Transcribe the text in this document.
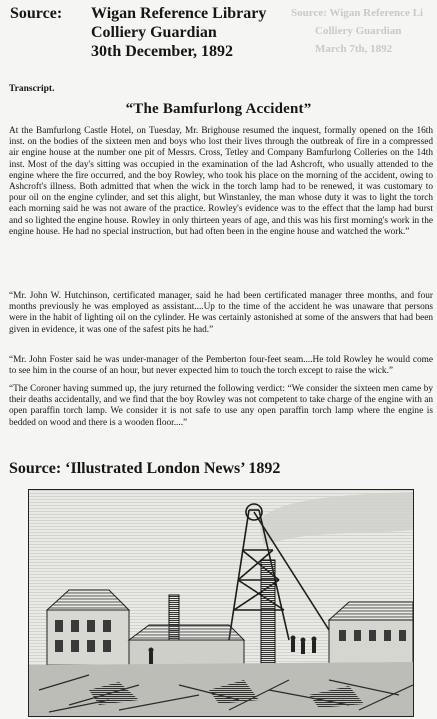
Source: Wigan Reference Li
Colliery Guardian
March 7th, 1892
Source:	Wigan Reference Library
Colliery Guardian
30th December, 1892
Transcript.
“The Bamfurlong Accident”

At the Bamfurlong Castle Hotel, on Tuesday, Mr. Brighouse resumed the inquest, formally opened on the 16th inst. on the bodies of the sixteen men and boys who lost their lives through the outbreak of fire in a compressed air engine house at the number one pit of Messrs. Cross, Tetley and Company Bamfurlong Colleries on the 14th inst. Most of the day's sitting was occupied in the examination of the lad Ashcroft, who usually attended to the engine where the fire occurred, and the boy Rowley, who took his place on the morning of the accident, owing to Ashcroft's illness. Both admitted that when the wick in the torch lamp had to be renewed, it was customary to pour oil on the engine cylinder, and set this alight, but Winstanley, the man whose duty it was to light the torch each morning said he was not aware of the practice. Rowley's evidence was to the effect that the lamp had burst and so lighted the engine house. Rowley in only thirteen years of age, and this was his first morning's work in the engine house. He had no special instruction, but had often been in the engine house and watched the work.”

“Mr. John W. Hutchinson, certificated manager, said he had been certificated manager three months, and four months previously he was employed as assistant....Up to the time of the accident he was unaware that persons were in the habit of lighting oil on the cylinder. He was certainly astonished at some of the answers that had been given in evidence, it was one of the safest pits he had.”

“Mr. John Foster said he was under-manager of the Pemberton four-feet seam....He told Rowley he would come to see him in the course of an hour, but never expected him to touch the torch except to raise the wick.”

“The Coroner having summed up, the jury returned the following verdict: “We consider the sixteen men came by their deaths accidentally, and we find that the boy Rowley was not competent to take charge of the engine with an open paraffin torch lamp. We consider it is not safe to use any open paraffin torch lamp where the engine is bedded on wood and there is a wooden floor....”

Source: ‘Illustrated London News’ 1892
